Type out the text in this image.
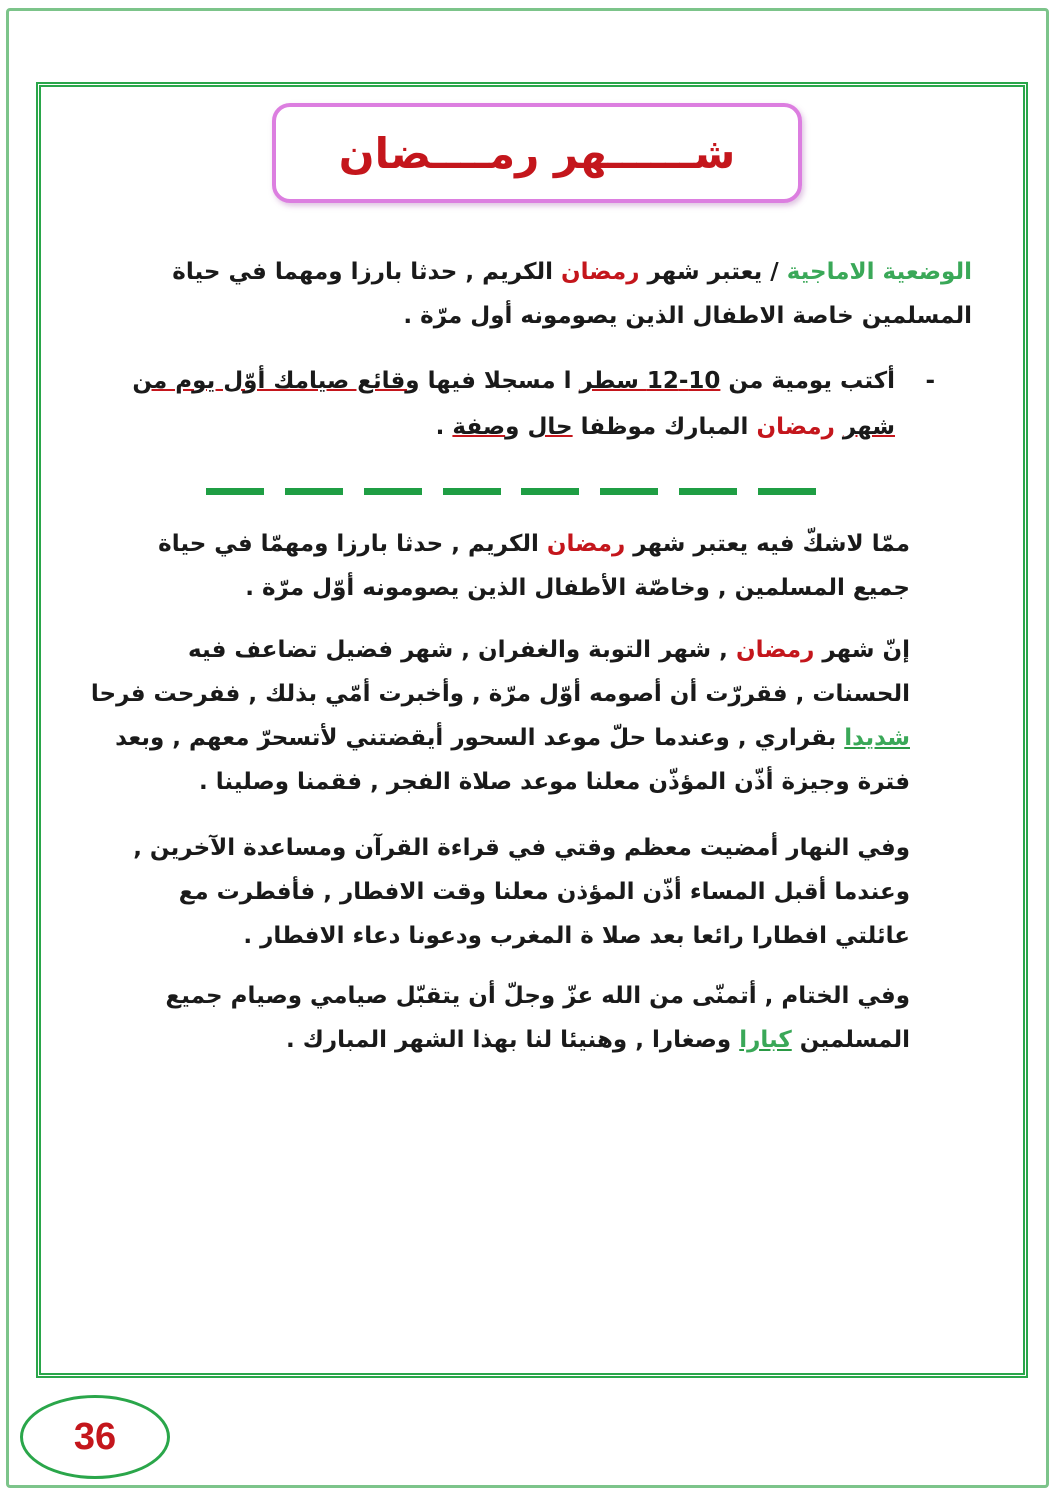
شــــــهر رمــــضان

الوضعية الاماجية / يعتبر شهر رمضان الكريم , حدثا بارزا ومهما في حياة المسلمين خاصة الاطفال الذين يصومونه أول مرّة .

-
أكتب يومية من 10-12 سطر ا مسجلا فيها وقائع صيامك أوّل يوم من شهر رمضان المبارك موظفا حال وصفة .

ممّا لاشكّ فيه يعتبر شهر رمضان الكريم , حدثا بارزا ومهمّا في حياة جميع المسلمين , وخاصّة الأطفال الذين يصومونه أوّل مرّة .

إنّ شهر رمضان , شهر التوبة والغفران , شهر فضيل تضاعف فيه الحسنات , فقررّت أن أصومه أوّل مرّة , وأخبرت أمّي بذلك , ففرحت فرحا شديدا بقراري , وعندما حلّ موعد السحور أيقضتني لأتسحرّ معهم , وبعد فترة وجيزة أذّن المؤذّن معلنا موعد صلاة الفجر , فقمنا وصلينا .

وفي النهار أمضيت معظم وقتي في قراءة القرآن ومساعدة الآخرين , وعندما أقبل المساء أذّن المؤذن معلنا وقت الافطار , فأفطرت مع عائلتي افطارا رائعا بعد صلا ة المغرب ودعونا دعاء الافطار .

وفي الختام , أتمنّى من الله عزّ وجلّ أن يتقبّل صيامي وصيام جميع المسلمين كبارا وصغارا , وهنيئا لنا بهذا الشهر المبارك .

36
